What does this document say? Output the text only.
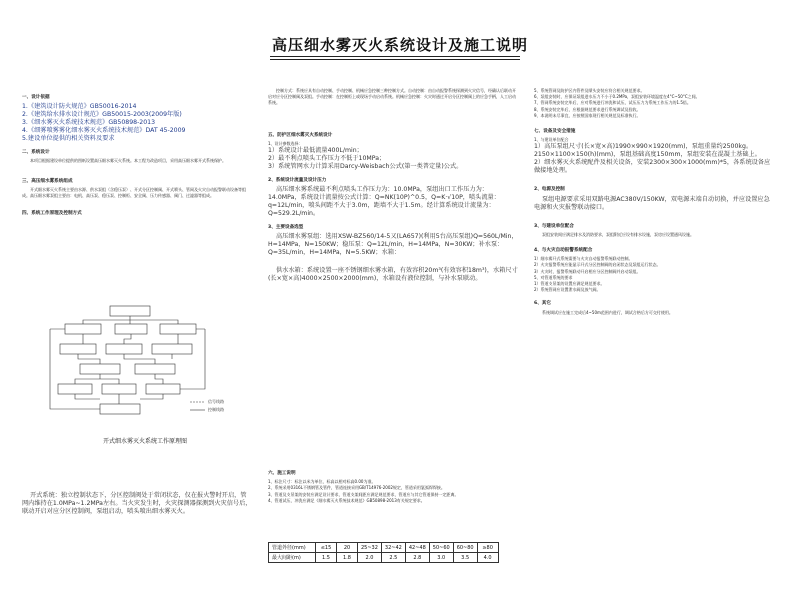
高压细水雾灭火系统设计及施工说明
一、设计依据
1.《建筑设计防火规范》GB50016-2014
2.《建筑给水排水设计规范》GB50015-2003(2009年版)
3.《细水雾灭火系统技术规范》GB50898-2013
4.《细雾喷雾雾化细水雾灭火系统技术规范》DAT 45-2009
5.建设单位提供的相关资料及要求
二、系统设计
本项目根据建设单位提供的图纸设置高压细水雾灭火系统。本工程为改造项目，采用高压细水雾开式系统保护。
三、高压细水雾系统组成
开式细水雾灭火系统主要由水源、供水泵组（含稳压泵）、开式分区控制阀、开式喷头、管网及火灾自动报警联动设备等组成。高压细水雾泵组主要由：电机、高压泵、稳压泵、控制柜、安全阀、压力传感器、阀门、过滤器等组成。
四、系统工作原理及控制方式
信号线路
控制线路
开式细水雾灭火系统工作原理图
开式系统：独立控制状态下，分区控制阀处于常闭状态，仅在报火警时开启，管网内维持在1.0MPa~1.2MPa左右。当火灾发生时，火灾探测器探测到火灾信号后，联动开启对应分区控制阀，泵组启动，喷头喷出细水雾灭火。
控制方式：系统应具有自动控制、手动控制、机械应急控制三种控制方式。自动控制：由自动报警系统探测到火灾信号，经确认后联动开启对应分区控制阀及泵组。手动控制：在控制柜上或现场手动启动系统。机械应急控制：火灾时通过开启分区控制阀上的应急手柄，人工启动系统。
五、防护区细水雾灭火系统设计
1、设计参数选择：
1）系统设计最低流量400L/min；
2）最不利点喷头工作压力不低于10MPa；
3）系统管网水力计算采用Darcy-Weisbach公式(第一类普定量)公式。
2、系统设计流量及设计压力
高压细水雾系统最不利点喷头工作压力为：10.0MPa，泵组出口工作压力为：14.0MPa，系统设计流量按公式计算：Q=NK(10P)^0.5，Q=K·√10P，喷头流量：q=12L/min，喷头间距不大于3.0m，距墙不大于1.5m。经计算系统设计流量为：Q=529.2L/min。
3、主要设备选型
高压细水雾泵组：选用XSW-BZ560/14-5又(LA657)(利用5台高压泵组)Q=560L/Min，H=14MPa，N=150KW；稳压泵：Q=12L/min，H=14MPa，N=30KW；补水泵：Q=35L/min，H=14MPa，N=5.5KW；水箱：
供水水箱：系统设置一座不锈钢细水雾水箱，有效容积20m³(有效容积18m³)，水箱尺寸(长×宽×高)4000×2500×2000(mm)，水箱设有液位控制，与补水泵联动。
六、施工说明
1、标注尺寸：标注以米为单位，标高以相对标高0.00为准。
2、系统采用0316L不锈钢管及管件，管道连接采用GB/T14976-2002规定，管道采用氩弧焊焊接。
3、管道及支吊架的安装应满足设计要求，管道支架间距应满足规范要求，管道应与其它管道保持一定距离。
4、管道试压，冲洗应满足《细水雾灭火系统技术规范》GB50898-2013有关规定要求。
管道外径(mm)	≤15	20	25~32	32~42	42~48	50~60	60~80	≥80
最大间距(m)	1.5	1.8	2.0	2.5	2.8	3.0	3.5	4.0
5、系统管网及防护区内管件及喷头安装应符合相关规范要求。
6、泵组安装时，应保证泵组进水压力不小于0.2MPa，泵组安装环境温度在4°C~50°C之间。
7、管网系统安装完毕后，应对系统进行冲洗和试压，试压压力为系统工作压力的1.5倍。
8、系统安装完毕后，应根据规范要求进行系统调试及验收。
9、本说明未尽事宜，应按照国家现行相关规范及标准执行。
七、设备及安全措施
1、与建设单位配合
1）高压泵组尺寸(长×宽×高)1990×990×1920(mm)，泵组重量约2500kg。
2150×1100×150(h)(mm)，泵组基础高度150mm，泵组安装在混凝土基础上。
2）细水雾灭火系统配件及相关设备，安装2300×300×1000(mm)*5，各系统设备应做接地处理。
2、电源及控制
泵组电源要求采用双路电源AC380V/150KW，双电源末端自动切换，并应设置应急电源和火灾报警联动接口。
3、与建设单位配合
泵组安装间应满足排水及消防要求，泵组附近应设有排水设施，泵房应设置通风设施。
4、与火灾自动报警系统配合
1）细水雾开式系统需要与火灾自动报警系统联动控制。
2）火灾报警系统应能显示开式分区控制阀的启闭状态及泵组运行状态。
3）火灾时，报警系统联动开启相应分区控制阀并启动泵组。
5、对管道系统的要求
1）管道支吊架的设置应满足规范要求。
2）系统管网应设置泄水阀及放气阀。
6、其它
系统调试应在施工完成后4~50m范围内进行，调试合格后方可交付使用。
